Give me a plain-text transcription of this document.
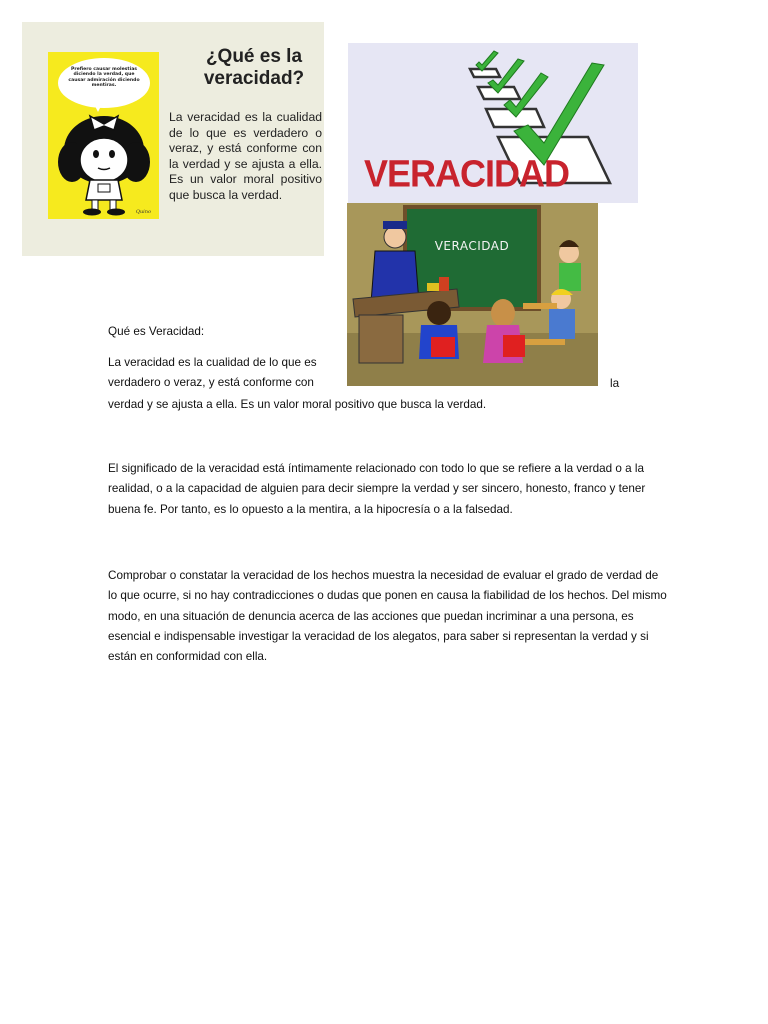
Prefiero causar molestias diciendo la verdad, que causar admiración diciendo mentiras.
Quino
¿Qué es la veracidad?
La veracidad es la cualidad de lo que es verdadero o veraz, y está conforme con la verdad y se ajusta a ella. Es un valor moral positivo que busca la verdad.	VERACIDAD
VERACIDAD
Qué es Veracidad:
La veracidad es la cualidad de lo que es
verdadero o veraz, y está conforme con	la
verdad y se ajusta a ella. Es un valor moral positivo que busca la verdad.
El significado de la veracidad está íntimamente relacionado con todo lo que se refiere a la verdad o a la realidad, o a la capacidad de alguien para decir siempre la verdad y ser sincero, honesto, franco y tener buena fe. Por tanto, es lo opuesto a la mentira, a la hipocresía o a la falsedad.
Comprobar o constatar la veracidad de los hechos muestra la necesidad de evaluar el grado de verdad de lo que ocurre, si no hay contradicciones o dudas que ponen en causa la fiabilidad de los hechos. Del mismo modo, en una situación de denuncia acerca de las acciones que puedan incriminar a una persona, es esencial e indispensable investigar la veracidad de los alegatos, para saber si representan la verdad y si están en conformidad con ella.
